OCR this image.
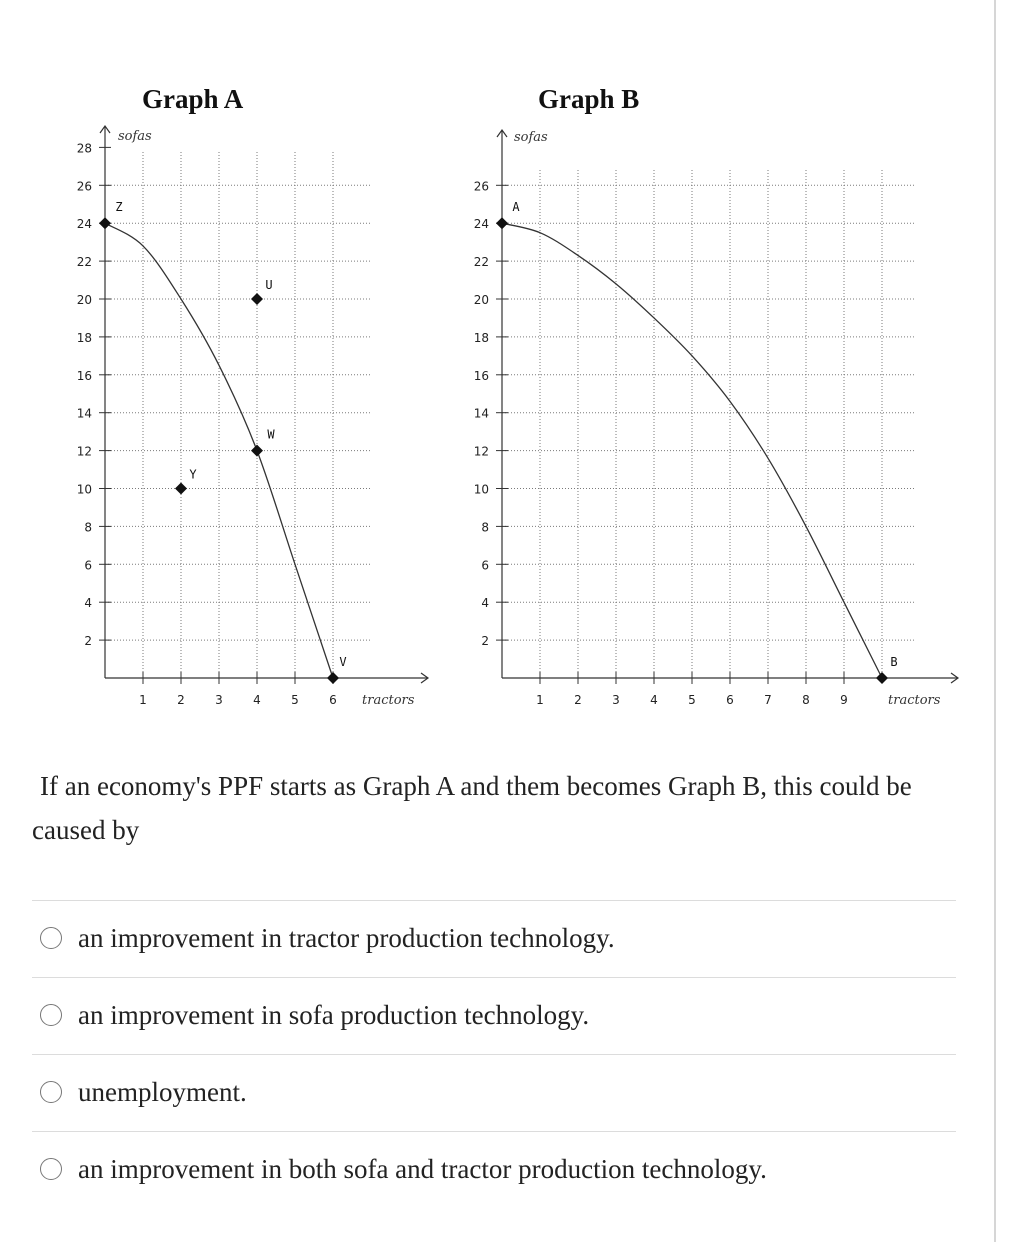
Graph A	Graph B
2
4
6
8
10
12
14
16
18
20
22
24
26
28
1	2	3	4	5	6 tractors
sofas
Z
U
W
Y
V
2
4
6
8
10
12
14
16
18
20
22
24
26
1	2	3	4	5	6	7	8	9	tractors
sofas
A
B
If an economy's PPF starts as Graph A and them becomes Graph B, this could be caused by
an improvement in tractor production technology.
an improvement in sofa production technology.
unemployment.
an improvement in both sofa and tractor production technology.
